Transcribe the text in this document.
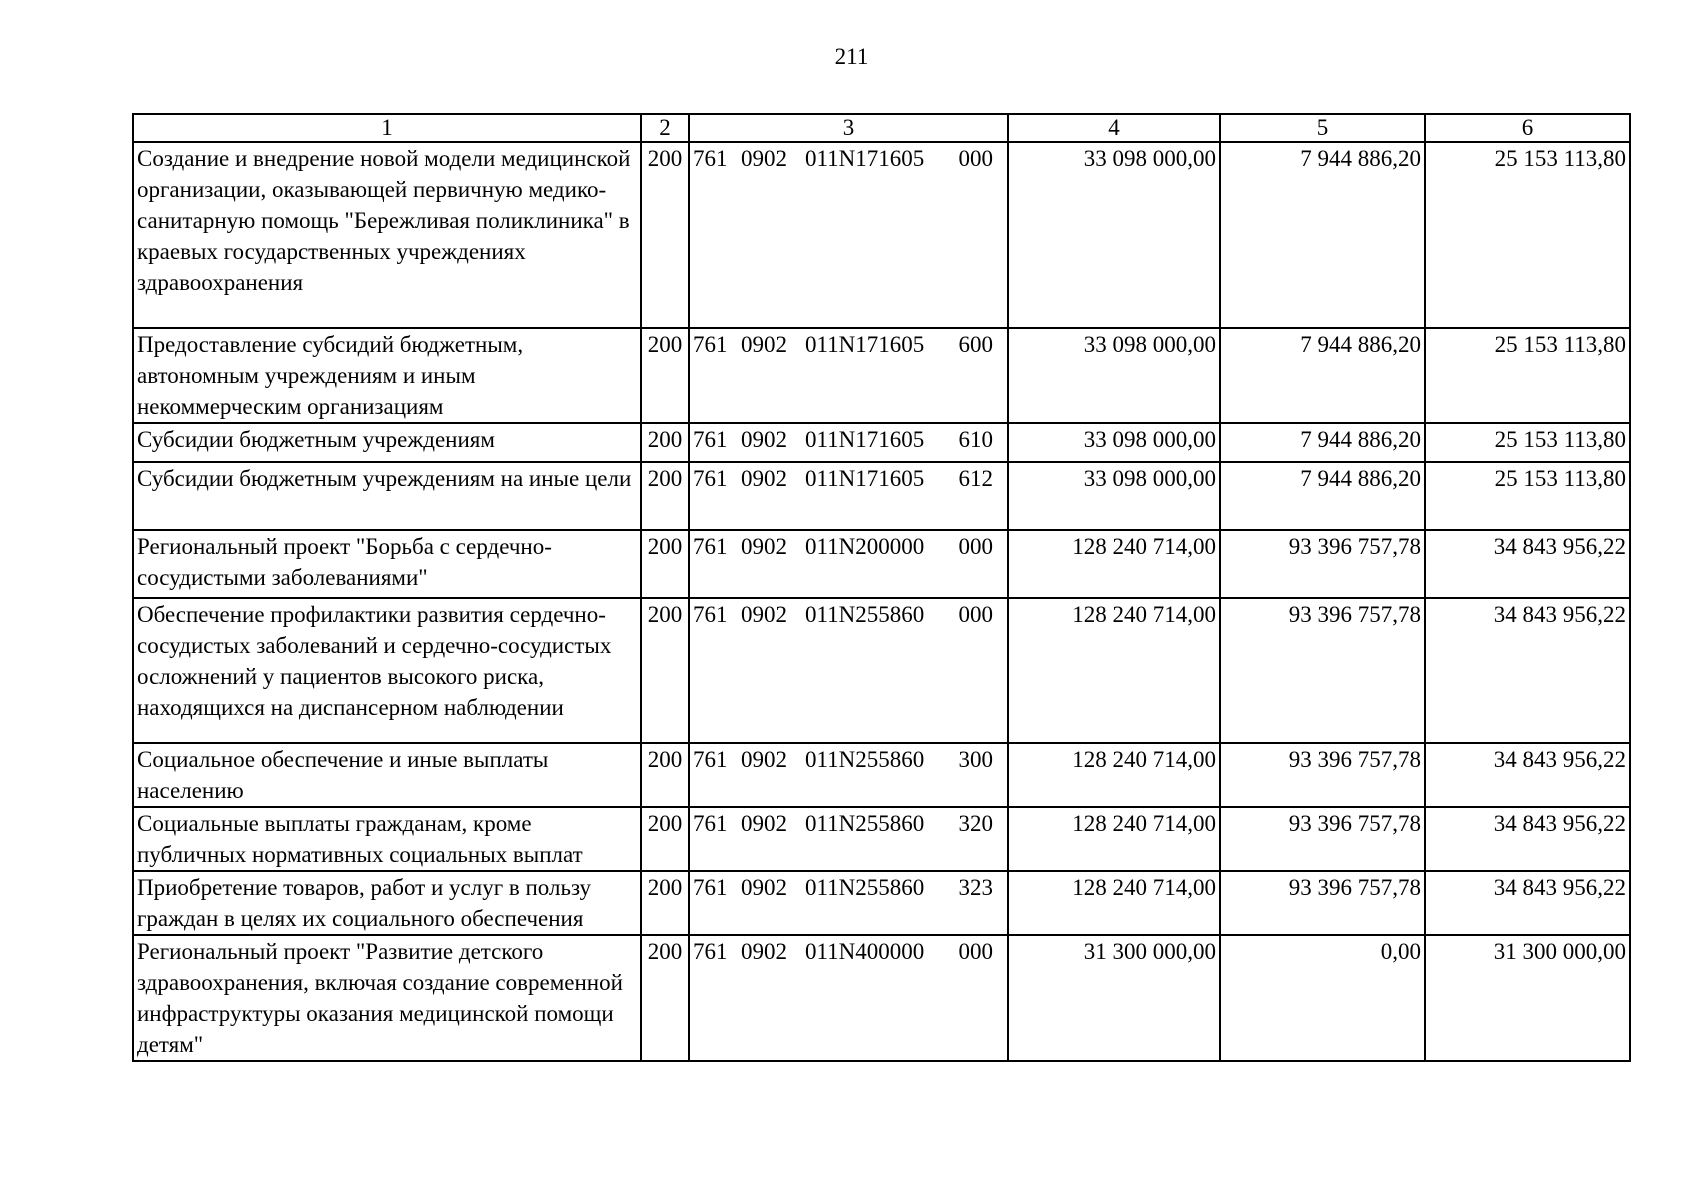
211
1	2	3	4	5	6
Создание и внедрение новой модели медицинской организации, оказывающей первичную медико-санитарную помощь "Бережливая поликлиника" в краевых государственных учреждениях здравоохранения	200	761 0902 011N171605 000	33 098 000,00	7 944 886,20	25 153 113,80
Предоставление субсидий бюджетным, автономным учреждениям и иным некоммерческим организациям	200	761 0902 011N171605 600	33 098 000,00	7 944 886,20	25 153 113,80
Субсидии бюджетным учреждениям	200	761 0902 011N171605 610	33 098 000,00	7 944 886,20	25 153 113,80
Субсидии бюджетным учреждениям на иные цели	200	761 0902 011N171605 612	33 098 000,00	7 944 886,20	25 153 113,80
Региональный проект "Борьба с сердечно-сосудистыми заболеваниями"	200	761 0902 011N200000 000	128 240 714,00	93 396 757,78	34 843 956,22
Обеспечение профилактики развития сердечно-сосудистых заболеваний и сердечно-сосудистых осложнений у пациентов высокого риска, находящихся на диспансерном наблюдении	200	761 0902 011N255860 000	128 240 714,00	93 396 757,78	34 843 956,22
Социальное обеспечение и иные выплаты населению	200	761 0902 011N255860 300	128 240 714,00	93 396 757,78	34 843 956,22
Социальные выплаты гражданам, кроме публичных нормативных социальных выплат	200	761 0902 011N255860 320	128 240 714,00	93 396 757,78	34 843 956,22
Приобретение товаров, работ и услуг в пользу граждан в целях их социального обеспечения	200	761 0902 011N255860 323	128 240 714,00	93 396 757,78	34 843 956,22
Региональный проект "Развитие детского здравоохранения, включая создание современной инфраструктуры оказания медицинской помощи детям"	200	761 0902 011N400000 000	31 300 000,00	0,00	31 300 000,00
